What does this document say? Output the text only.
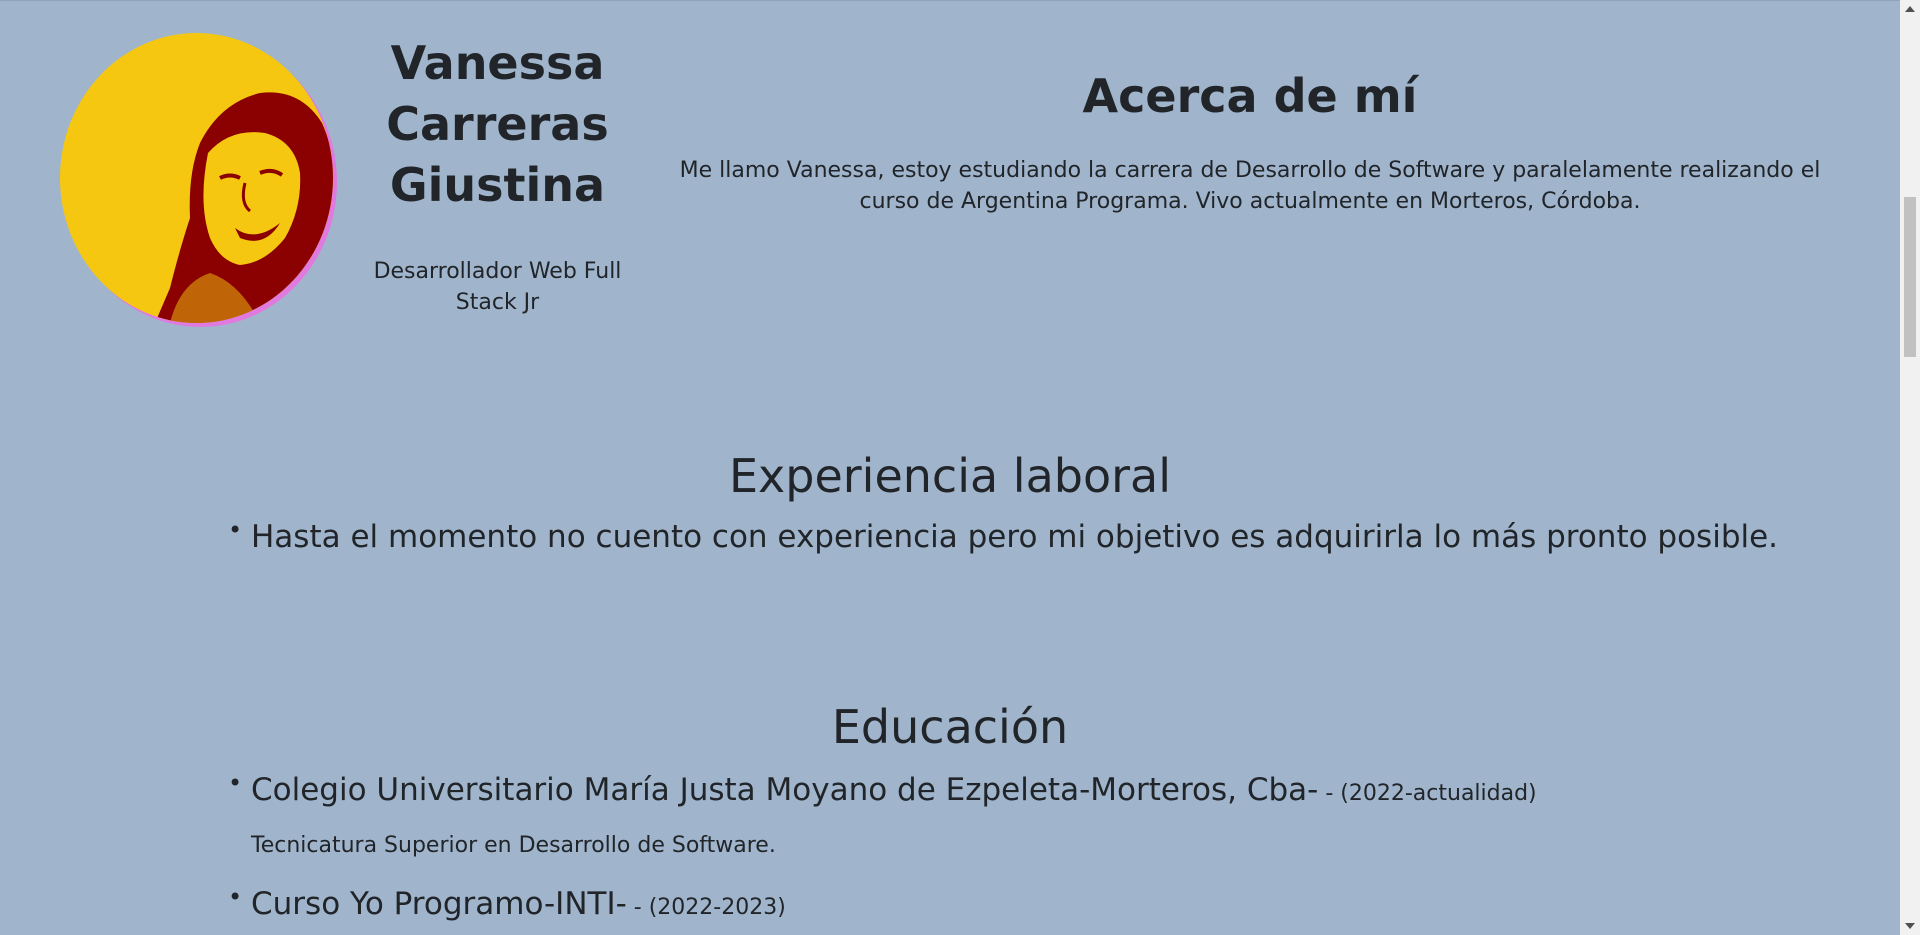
Vanessa Carreras Giustina
Desarrollador Web Full Stack Jr
Acerca de mí
Me llamo Vanessa, estoy estudiando la carrera de Desarrollo de Software y paralelamente realizando el curso de Argentina Programa. Vivo actualmente en Morteros, Córdoba.
Experiencia laboral
• Hasta el momento no cuento con experiencia pero mi objetivo es adquirirla lo más pronto posible.
Educación
• Colegio Universitario María Justa Moyano de Ezpeleta-Morteros, Cba- - (2022-actualidad)
Tecnicatura Superior en Desarrollo de Software.
• Curso Yo Programo-INTI- - (2022-2023)
